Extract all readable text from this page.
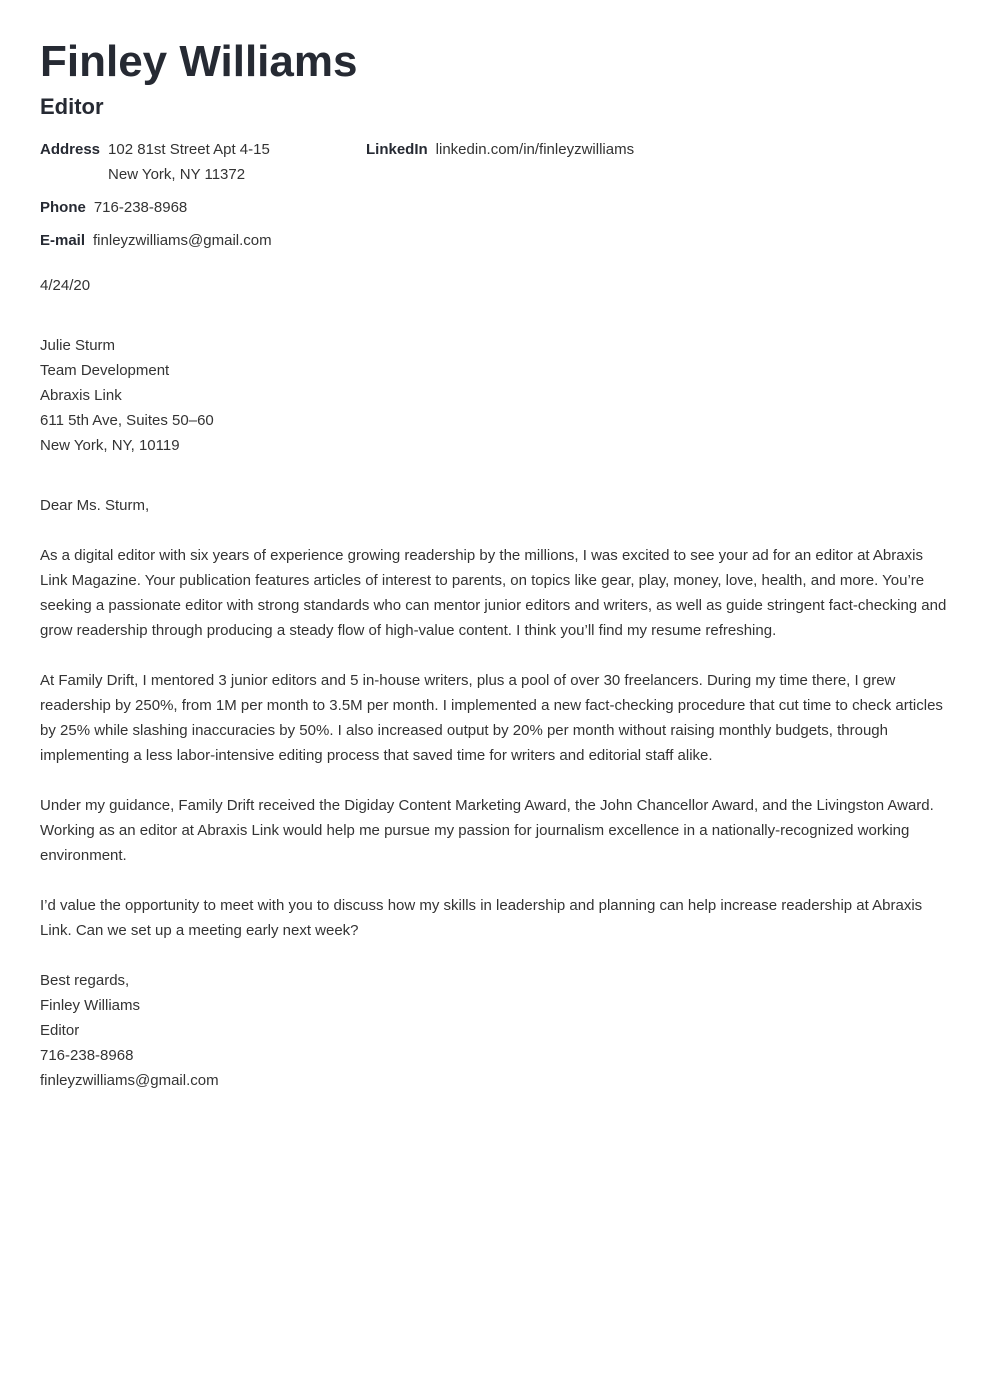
Finley Williams
Editor
Address 102 81st Street Apt 4-15
New York, NY 11372
LinkedIn linkedin.com/in/finleyzwilliams
Phone 716-238-8968
E-mail finleyzwilliams@gmail.com
4/24/20
Julie Sturm
Team Development
Abraxis Link
611 5th Ave, Suites 50–60
New York, NY, 10119
Dear Ms. Sturm,

As a digital editor with six years of experience growing readership by the millions, I was excited to see your ad for an editor at Abraxis Link Magazine. Your publication features articles of interest to parents, on topics like gear, play, money, love, health, and more. You’re seeking a passionate editor with strong standards who can mentor junior editors and writers, as well as guide stringent fact-checking and grow readership through producing a steady flow of high-value content. I think you’ll find my resume refreshing.

At Family Drift, I mentored 3 junior editors and 5 in-house writers, plus a pool of over 30 freelancers. During my time there, I grew readership by 250%, from 1M per month to 3.5M per month. I implemented a new fact-checking procedure that cut time to check articles by 25% while slashing inaccuracies by 50%. I also increased output by 20% per month without raising monthly budgets, through implementing a less labor-intensive editing process that saved time for writers and editorial staff alike.

Under my guidance, Family Drift received the Digiday Content Marketing Award, the John Chancellor Award, and the Livingston Award. Working as an editor at Abraxis Link would help me pursue my passion for journalism excellence in a nationally-recognized working environment.

I’d value the opportunity to meet with you to discuss how my skills in leadership and planning can help increase readership at Abraxis Link. Can we set up a meeting early next week?

Best regards,
Finley Williams
Editor
716-238-8968
finleyzwilliams@gmail.com
